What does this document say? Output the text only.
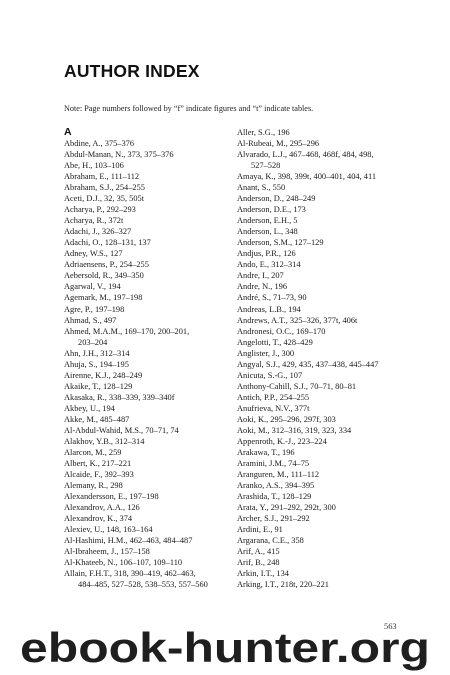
AUTHOR INDEX

Note: Page numbers followed by “f” indicate figures and “t” indicate tables.

A
Abdine, A., 375–376
Abdul-Manan, N., 373, 375–376
Abe, H., 103–106
Abraham, E., 111–112
Abraham, S.J., 254–255
Aceti, D.J., 32, 35, 505t
Acharya, P., 292–293
Acharya, R., 372t
Adachi, J., 326–327
Adachi, O., 128–131, 137
Adney, W.S., 127
Adriaensens, P., 254–255
Aebersold, R., 349–350
Agarwal, V., 194
Agemark, M., 197–198
Agre, P., 197–198
Ahmad, S., 497
Ahmed, M.A.M., 169–170, 200–201,
203–204
Ahn, J.H., 312–314
Ahuja, S., 194–195
Airenne, K.J., 248–249
Akaike, T., 128–129
Akasaka, R., 338–339, 339–340f
Akbey, U., 194
Akke, M., 485–487
Al-Abdul-Wahid, M.S., 70–71, 74
Alakhov, Y.B., 312–314
Alarcon, M., 259
Albert, K., 217–221
Alcaide, F., 392–393
Alemany, R., 298
Alexandersson, E., 197–198
Alexandrov, A.A., 126
Alexandrov, K., 374
Alexiev, U., 148, 163–164
Al-Hashimi, H.M., 462–463, 484–487
Al-Ibraheem, J., 157–158
Al-Khateeb, N., 106–107, 109–110
Allain, F.H.T., 318, 390–419, 462–463,
484–485, 527–528, 538–553, 557–560
Aller, S.G., 196
Al-Rubeai, M., 295–296
Alvarado, L.J., 467–468, 468f, 484, 498,
527–528
Amaya, K., 398, 399t, 400–401, 404, 411
Anant, S., 550
Anderson, D., 248–249
Anderson, D.E., 173
Anderson, E.H., 5
Anderson, L., 348
Anderson, S.M., 127–129
Andjus, P.R., 126
Ando, E., 312–314
Andre, I., 207
Andre, N., 196
André, S., 71–73, 90
Andreas, L.B., 194
Andrews, A.T., 325–326, 377t, 406t
Andronesi, O.C., 169–170
Angelotti, T., 428–429
Anglister, J., 300
Angyal, S.J., 429, 435, 437–438, 445–447
Anicuta, S.-G., 107
Anthony-Cahill, S.J., 70–71, 80–81
Antich, P.P., 254–255
Anufrieva, N.V., 377t
Aoki, K., 295–296, 297f, 303
Aoki, M., 312–316, 319, 323, 334
Appenroth, K.-J., 223–224
Arakawa, T., 196
Aramini, J.M., 74–75
Aranguren, M., 111–112
Aranko, A.S., 394–395
Arashida, T., 128–129
Arata, Y., 291–292, 292t, 300
Archer, S.J., 291–292
Ardini, E., 91
Argarana, C.E., 358
Arif, A., 415
Arif, B., 248
Arkin, I.T., 134
Arking, I.T., 218t, 220–221
563
ebook-hunter.org
